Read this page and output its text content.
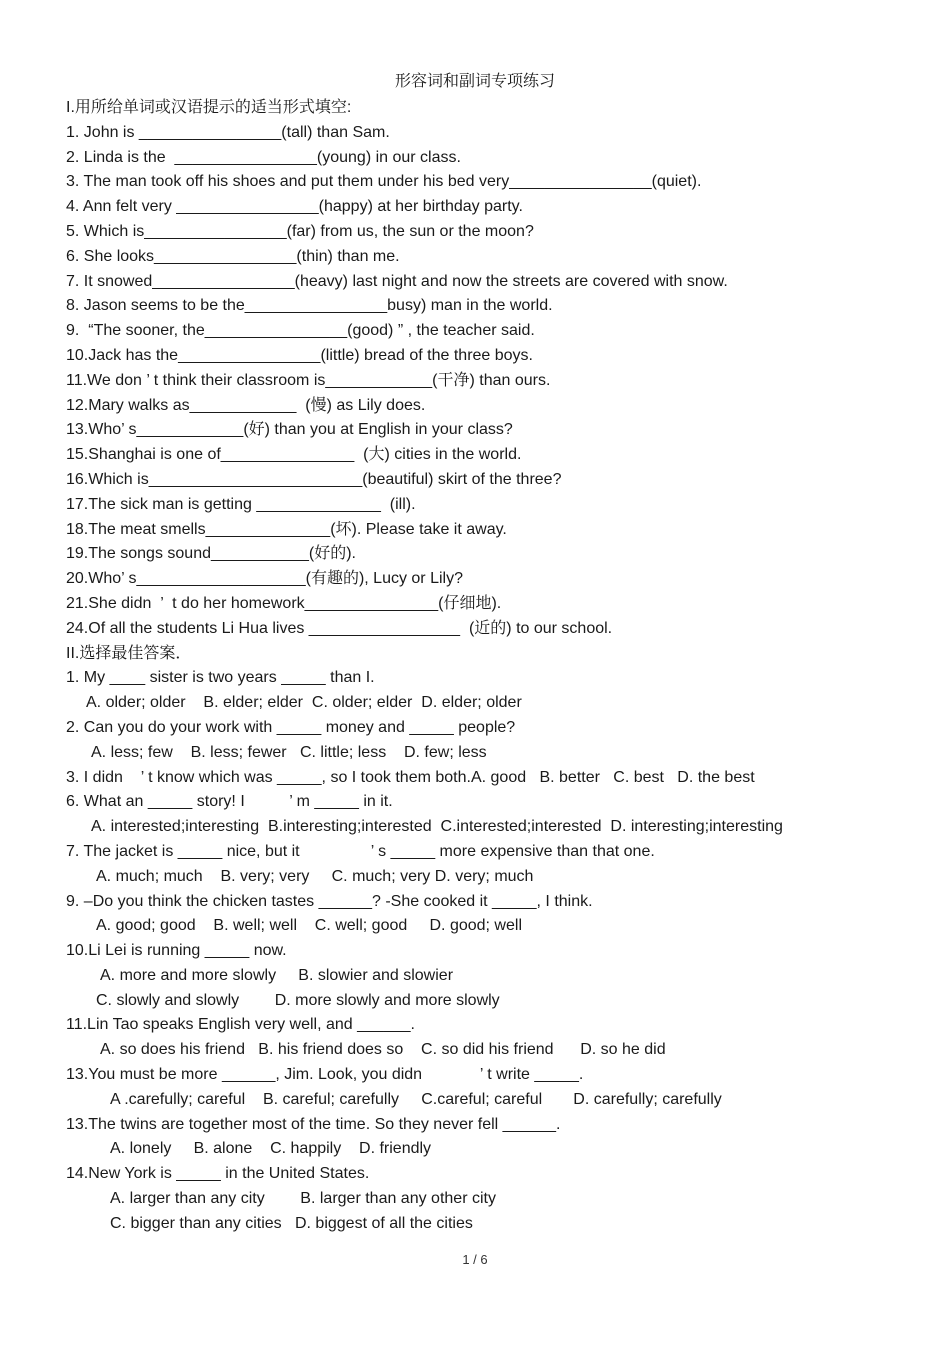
形容词和副词专项练习
I.用所给单词或汉语提示的适当形式填空:
1. John is ________________(tall) than Sam.
2. Linda is the  ________________(young) in our class.
3. The man took off his shoes and put them under his bed very________________(quiet).
4. Ann felt very ________________(happy) at her birthday party.
5. Which is________________(far) from us, the sun or the moon?
6. She looks________________(thin) than me.
7. It snowed________________(heavy) last night and now the streets are covered with snow.
8. Jason seems to be the________________busy) man in the world.
9.  “The sooner, the________________(good) ” , the teacher said.
10.Jack has the________________(little) bread of the three boys.
11.We don ’ t think their classroom is____________(干净) than ours.
12.Mary walks as____________  (慢) as Lily does.
13.Who’ s____________(好) than you at English in your class?
15.Shanghai is one of_______________  (大) cities in the world.
16.Which is________________________(beautiful) skirt of the three?
17.The sick man is getting ______________  (ill).
18.The meat smells______________(坏). Please take it away.
19.The songs sound___________(好的).
20.Who’ s___________________(有趣的), Lucy or Lily?
21.She didn  ’  t do her homework_______________(仔细地).
24.Of all the students Li Hua lives _________________  (近的) to our school.
II.选择最佳答案．
1. My ____ sister is two years _____ than I.
A. older; older    B. elder; elder  C. older; elder  D. elder; older
2. Can you do your work with _____ money and _____ people?
A. less; few    B. less; fewer   C. little; less    D. few; less
3. I didn    ’ t know which was _____, so I took them both.A. good   B. better   C. best   D. the best
6. What an _____ story! I          ’ m _____ in it.
A. interested;interesting  B.interesting;interested  C.interested;interested  D. interesting;interesting
7. The jacket is _____ nice, but it                ’ s _____ more expensive than that one.
A. much; much    B. very; very     C. much; very D. very; much
9. –Do you think the chicken tastes ______? -She cooked it _____, I think.
A. good; good    B. well; well    C. well; good     D. good; well
10.Li Lei is running _____ now.
A. more and more slowly     B. slowier and slowier
C. slowly and slowly        D. more slowly and more slowly
11.Lin Tao speaks English very well, and ______.
A. so does his friend   B. his friend does so    C. so did his friend      D. so he did
13.You must be more ______, Jim. Look, you didn             ’ t write _____.
A .carefully; careful    B. careful; carefully     C.careful; careful       D. carefully; carefully
13.The twins are together most of the time. So they never fell ______.
A. lonely     B. alone    C. happily    D. friendly
14.New York is _____ in the United States.
A. larger than any city        B. larger than any other city
C. bigger than any cities   D. biggest of all the cities
1 / 6
